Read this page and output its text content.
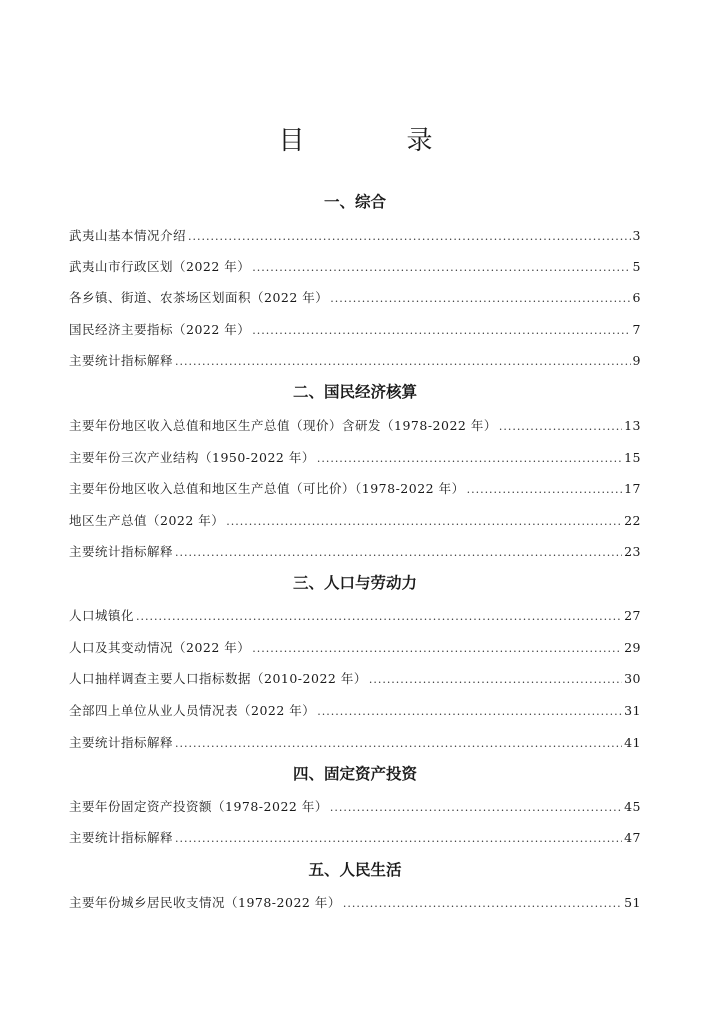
目　录
一、综合
武夷山基本情况介绍 .....	3
武夷山市行政区划（2022 年） .....	5
各乡镇、街道、农茶场区划面积（2022 年） .....	6
国民经济主要指标（2022 年） .....	7
主要统计指标解释 .....	9
二、国民经济核算
主要年份地区收入总值和地区生产总值（现价）含研发（1978-2022 年） .....	13
主要年份三次产业结构（1950-2022 年） .....	15
主要年份地区收入总值和地区生产总值（可比价）（1978-2022 年） .....	17
地区生产总值（2022 年） .....	22
主要统计指标解释 .....	23
三、人口与劳动力
人口城镇化 .....	27
人口及其变动情况（2022 年） .....	29
人口抽样调查主要人口指标数据（2010-2022 年） .....	30
全部四上单位从业人员情况表（2022 年） .....	31
主要统计指标解释 .....	41
四、固定资产投资
主要年份固定资产投资额（1978-2022 年） .....	45
主要统计指标解释 .....	47
五、人民生活
主要年份城乡居民收支情况（1978-2022 年） .....	51
